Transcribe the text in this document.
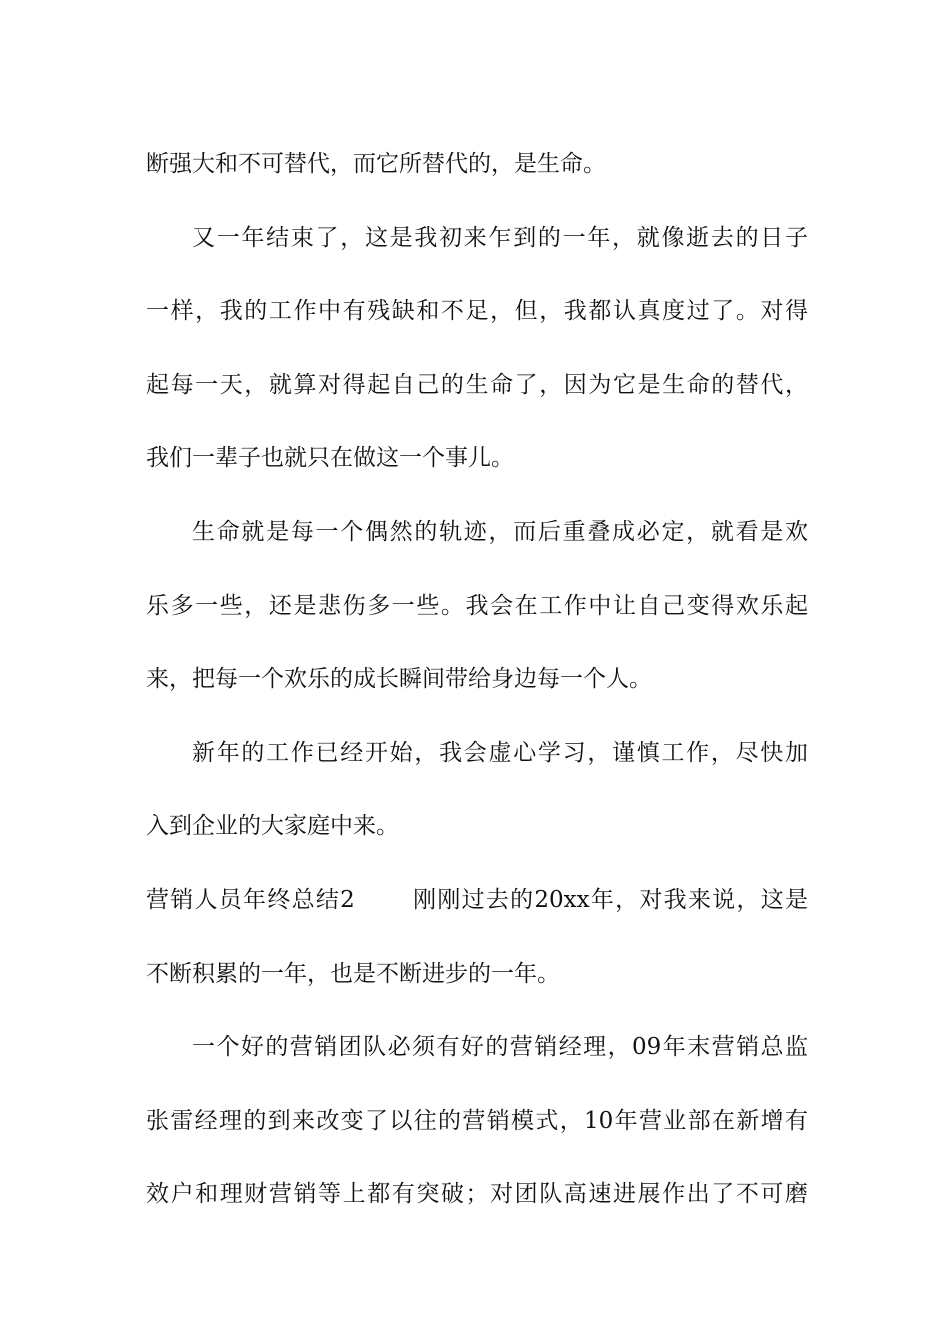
断强大和不可替代，而它所替代的，是生命。
又一年结束了，这是我初来乍到的一年，就像逝去的日子
一样，我的工作中有残缺和不足，但，我都认真度过了。对得
起每一天，就算对得起自己的生命了，因为它是生命的替代，
我们一辈子也就只在做这一个事儿。
生命就是每一个偶然的轨迹，而后重叠成必定，就看是欢
乐多一些，还是悲伤多一些。我会在工作中让自己变得欢乐起
来，把每一个欢乐的成长瞬间带给身边每一个人。
新年的工作已经开始，我会虚心学习，谨慎工作，尽快加
入到企业的大家庭中来。
营销人员年终总结2　　 刚刚过去的20xx年，对我来说，这是
不断积累的一年，也是不断进步的一年。
一个好的营销团队必须有好的营销经理，09年末营销总监
张雷经理的到来改变了以往的营销模式，10年营业部在新增有
效户和理财营销等上都有突破；对团队高速进展作出了不可磨
